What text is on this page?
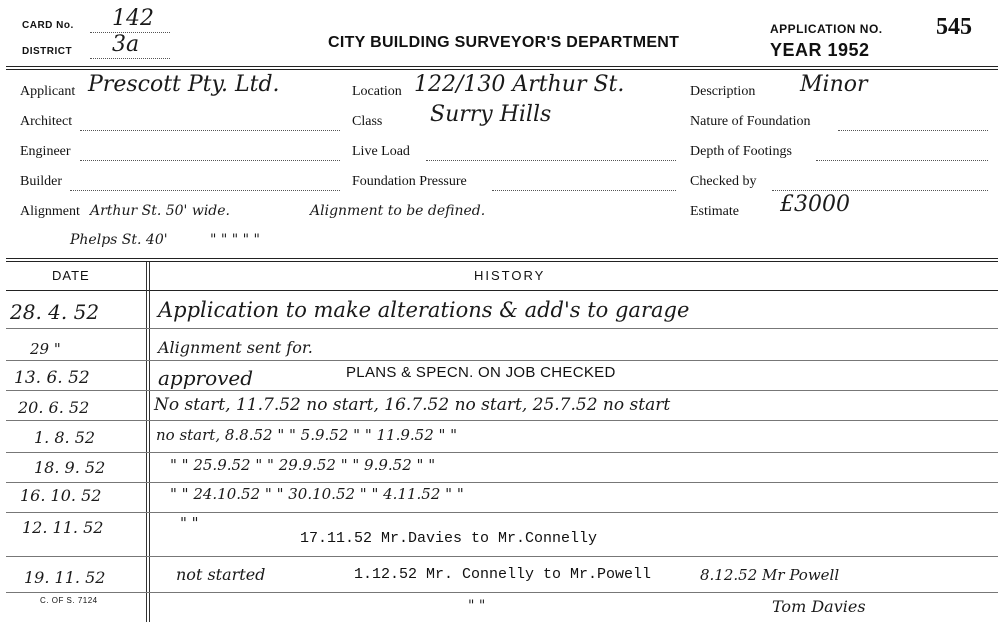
CARD No. 142
DISTRICT 3a	CITY BUILDING SURVEYOR'S DEPARTMENT
APPLICATION NO. 545
YEAR 1952
Applicant Prescott Pty. Ltd.	Location 122/130 Arthur St.	Description Minor
Architect	Class Surry Hills	Nature of Foundation
Engineer	Live Load	Depth of Footings
Builder	Foundation Pressure	Checked by
Alignment Arthur St. 50' wide.	Alignment to be defined.	Estimate £3000
Phelps St. 40'	" " " " "
DATE	HISTORY
28. 4. 52	Application to make alterations & add's to garage
29 "	Alignment sent for.
13. 6. 52	approved	PLANS & SPECN. ON JOB CHECKED
20. 6. 52	No start, 11.7.52 no start, 16.7.52 no start, 25.7.52 no start
1. 8. 52	no start, 8.8.52 " " 5.9.52 " " 11.9.52 " "
18. 9. 52	" " 25.9.52 " " 29.9.52 " " 9.9.52 " "
16. 10. 52	" " 24.10.52 " " 30.10.52 " " 4.11.52 " "
12. 11. 52	" "
17.11.52 Mr.Davies to Mr.Connelly
19. 11. 52	not started	1.12.52 Mr. Connelly to Mr.Powell	8.12.52 Mr Powell
C. OF S. 7124	" "	Tom Davies
